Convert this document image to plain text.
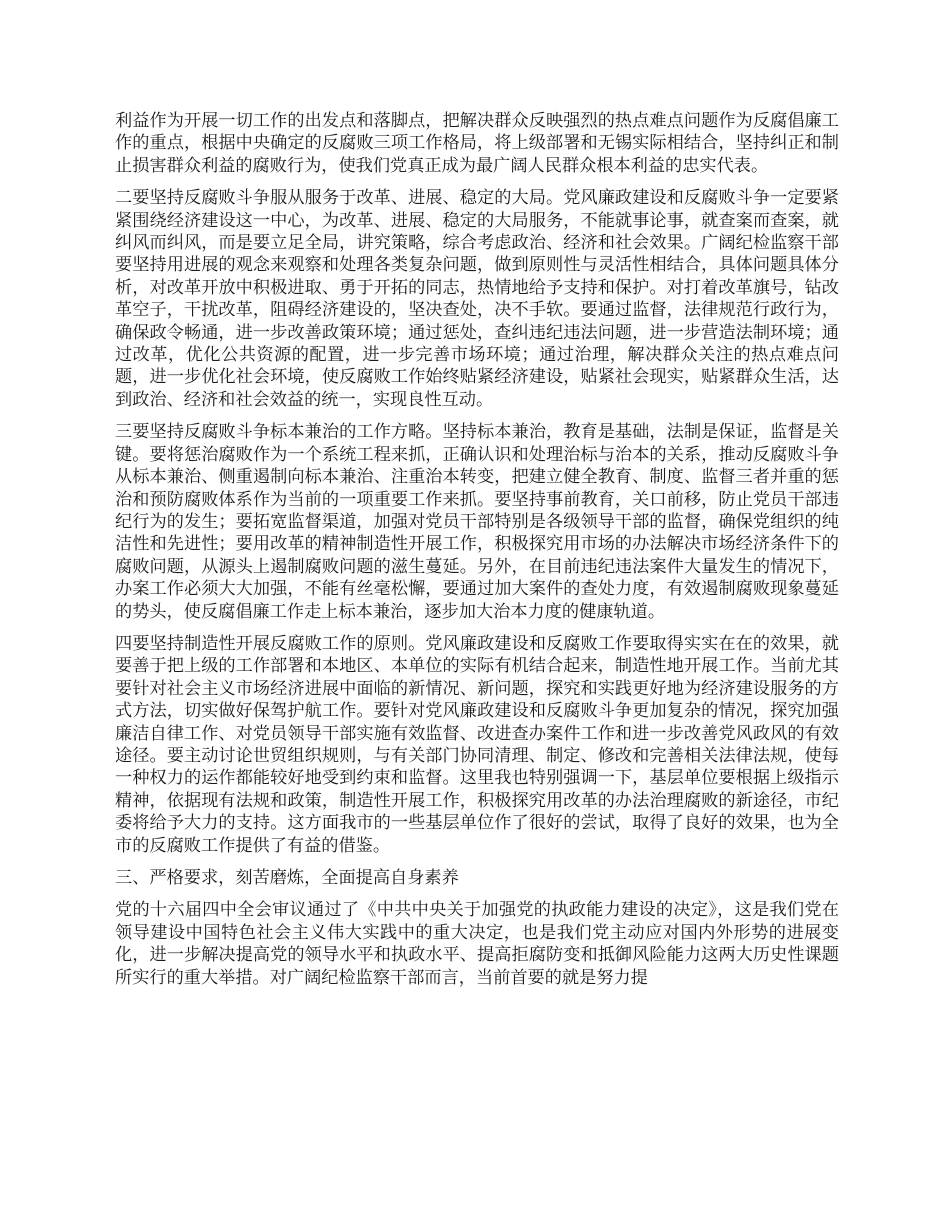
利益作为开展一切工作的出发点和落脚点，把解决群众反映强烈的热点难点问题作为反腐倡廉工作的重点，根据中央确定的反腐败三项工作格局，将上级部署和无锡实际相结合，坚持纠正和制止损害群众利益的腐败行为，使我们党真正成为最广阔人民群众根本利益的忠实代表。

二要坚持反腐败斗争服从服务于改革、进展、稳定的大局。党风廉政建设和反腐败斗争一定要紧紧围绕经济建设这一中心，为改革、进展、稳定的大局服务，不能就事论事，就查案而查案，就纠风而纠风，而是要立足全局，讲究策略，综合考虑政治、经济和社会效果。广阔纪检监察干部要坚持用进展的观念来观察和处理各类复杂问题，做到原则性与灵活性相结合，具体问题具体分析，对改革开放中积极进取、勇于开拓的同志，热情地给予支持和保护。对打着改革旗号，钻改革空子，干扰改革，阻碍经济建设的，坚决查处，决不手软。要通过监督，法律规范行政行为，确保政令畅通，进一步改善政策环境；通过惩处，查纠违纪违法问题，进一步营造法制环境；通过改革，优化公共资源的配置，进一步完善市场环境；通过治理，解决群众关注的热点难点问题，进一步优化社会环境，使反腐败工作始终贴紧经济建设，贴紧社会现实，贴紧群众生活，达到政治、经济和社会效益的统一，实现良性互动。

三要坚持反腐败斗争标本兼治的工作方略。坚持标本兼治，教育是基础，法制是保证，监督是关键。要将惩治腐败作为一个系统工程来抓，正确认识和处理治标与治本的关系，推动反腐败斗争从标本兼治、侧重遏制向标本兼治、注重治本转变，把建立健全教育、制度、监督三者并重的惩治和预防腐败体系作为当前的一项重要工作来抓。要坚持事前教育，关口前移，防止党员干部违纪行为的发生；要拓宽监督渠道，加强对党员干部特别是各级领导干部的监督，确保党组织的纯洁性和先进性；要用改革的精神制造性开展工作，积极探究用市场的办法解决市场经济条件下的腐败问题，从源头上遏制腐败问题的滋生蔓延。另外，在目前违纪违法案件大量发生的情况下，办案工作必须大大加强，不能有丝毫松懈，要通过加大案件的查处力度，有效遏制腐败现象蔓延的势头，使反腐倡廉工作走上标本兼治，逐步加大治本力度的健康轨道。

四要坚持制造性开展反腐败工作的原则。党风廉政建设和反腐败工作要取得实实在在的效果，就要善于把上级的工作部署和本地区、本单位的实际有机结合起来，制造性地开展工作。当前尤其要针对社会主义市场经济进展中面临的新情况、新问题，探究和实践更好地为经济建设服务的方式方法，切实做好保驾护航工作。要针对党风廉政建设和反腐败斗争更加复杂的情况，探究加强廉洁自律工作、对党员领导干部实施有效监督、改进查办案件工作和进一步改善党风政风的有效途径。要主动讨论世贸组织规则，与有关部门协同清理、制定、修改和完善相关法律法规，使每一种权力的运作都能较好地受到约束和监督。这里我也特别强调一下，基层单位要根据上级指示精神，依据现有法规和政策，制造性开展工作，积极探究用改革的办法治理腐败的新途径，市纪委将给予大力的支持。这方面我市的一些基层单位作了很好的尝试，取得了良好的效果，也为全市的反腐败工作提供了有益的借鉴。

三、严格要求，刻苦磨炼，全面提高自身素养

党的十六届四中全会审议通过了《中共中央关于加强党的执政能力建设的决定》，这是我们党在领导建设中国特色社会主义伟大实践中的重大决定，也是我们党主动应对国内外形势的进展变化，进一步解决提高党的领导水平和执政水平、提高拒腐防变和抵御风险能力这两大历史性课题所实行的重大举措。对广阔纪检监察干部而言，当前首要的就是努力提
